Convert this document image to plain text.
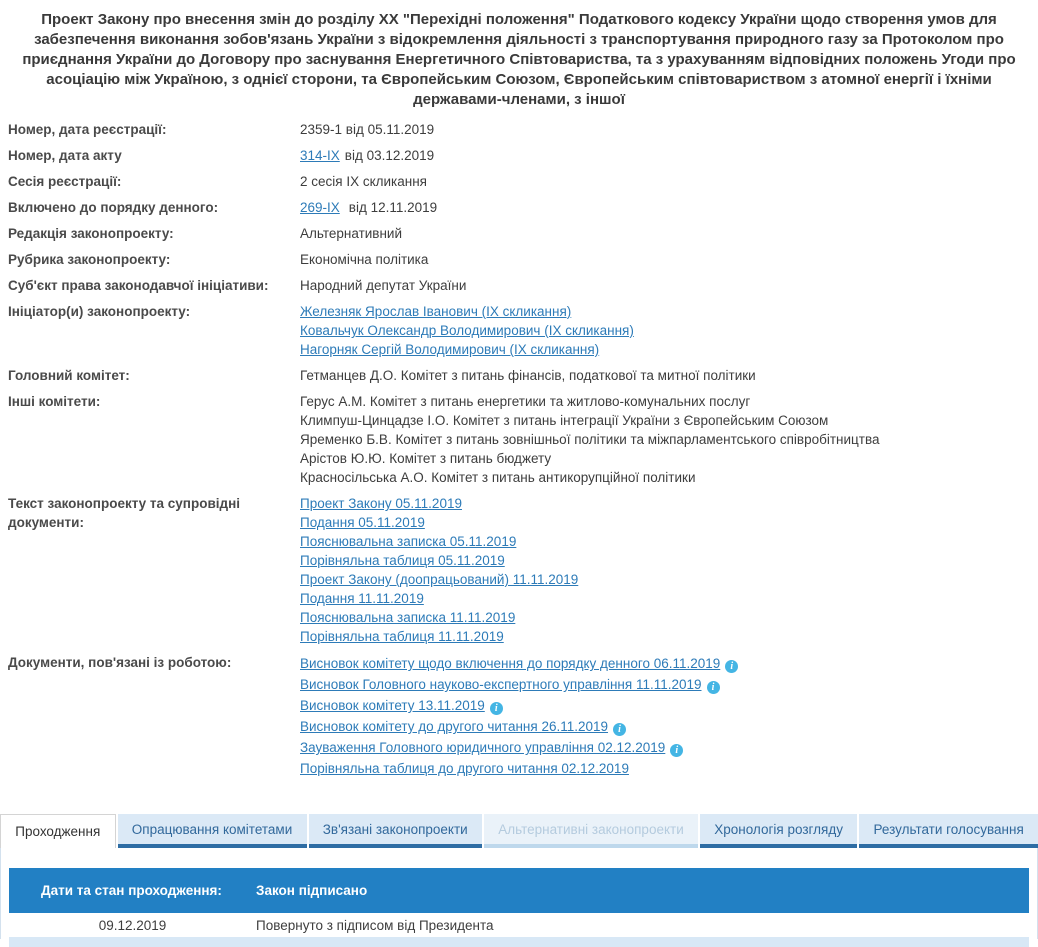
Проект Закону про внесення змін до розділу XX "Перехідні положення" Податкового кодексу України щодо створення умов для забезпечення виконання зобов'язань України з відокремлення діяльності з транспортування природного газу за Протоколом про приєднання України до Договору про заснування Енергетичного Співтовариства, та з урахуванням відповідних положень Угоди про асоціацію між Україною, з однієї сторони, та Європейським Союзом, Європейським співтовариством з атомної енергії і їхніми державами-членами, з іншої
Номер, дата реєстрації:	2359-1 від 05.11.2019
Номер, дата акту	314-IX від 03.12.2019
Сесія реєстрації:	2 сесія IX скликання
Включено до порядку денного:	269-IX від 12.11.2019
Редакція законопроекту:	Альтернативний
Рубрика законопроекту:	Економічна політика
Суб'єкт права законодавчої ініціативи:	Народний депутат України
Ініціатор(и) законопроекту:	Железняк Ярослав Іванович (IX скликання)
Ковальчук Олександр Володимирович (IX скликання)
Нагорняк Сергій Володимирович (IX скликання)
Головний комітет:	Гетманцев Д.О. Комітет з питань фінансів, податкової та митної політики
Інші комітети:	Герус А.М. Комітет з питань енергетики та житлово-комунальних послуг
Климпуш-Цинцадзе І.О. Комітет з питань інтеграції України з Європейським Союзом
Яременко Б.В. Комітет з питань зовнішньої політики та міжпарламентського співробітництва
Арістов Ю.Ю. Комітет з питань бюджету
Красносільська А.О. Комітет з питань антикорупційної політики
Текст законопроекту та супровідні документи:
Проект Закону 05.11.2019
Подання 05.11.2019
Пояснювальна записка 05.11.2019
Порівняльна таблиця 05.11.2019
Проект Закону (доопрацьований) 11.11.2019
Подання 11.11.2019
Пояснювальна записка 11.11.2019
Порівняльна таблиця 11.11.2019
Документи, пов'язані із роботою:	Висновок комітету щодо включення до порядку денного 06.11.2019 i
Висновок Головного науково-експертного управління 11.11.2019 i
Висновок комітету 13.11.2019 i
Висновок комітету до другого читання 26.11.2019 i
Зауваження Головного юридичного управління 02.12.2019 i
Порівняльна таблиця до другого читання 02.12.2019
Проходження	Опрацювання комітетами	Зв'язані законопроекти	Альтернативні законопроекти	Хронологія розгляду	Результати голосування
Дати та стан проходження:	Закон підписано
09.12.2019	Повернуто з підписом від Президента
